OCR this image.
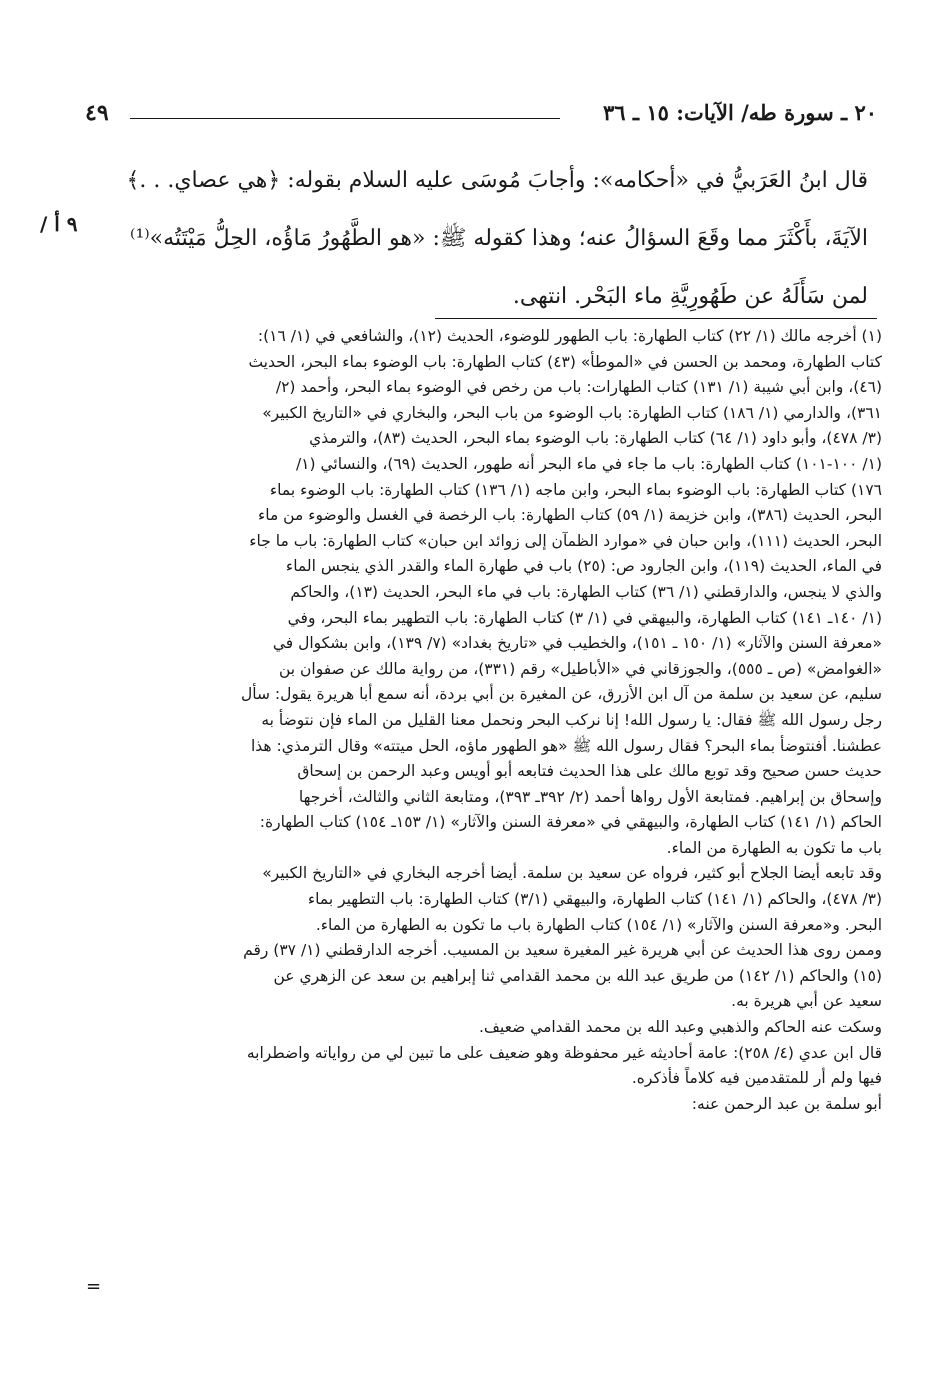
٤٩	٢٠ ـ سورة طه/ الآيات: ١٥ ـ ٣٦
٩ أ /

قال ابنُ العَرَبيُّ في «أحكامه»: وأجابَ مُوسَى عليه السلام بقوله: ﴿هي عصاي. . .﴾

الآيَةَ، بأَكْثَرَ مما وقَعَ السؤالُ عنه؛ وهذا كقوله ﷺ: «هو الطَّهُورُ مَاؤُه، الحِلُّ مَيْتَتُه»⁽¹⁾

لمن سَأَلَهُ عن طَهُورِيَّةِ ماء البَحْر. انتهى.

(١) أخرجه مالك (١/ ٢٢) كتاب الطهارة: باب الطهور للوضوء، الحديث (١٢)، والشافعي في (١/ ١٦):

كتاب الطهارة، ومحمد بن الحسن في «الموطأ» (٤٣) كتاب الطهارة: باب الوضوء بماء البحر، الحديث

(٤٦)، وابن أبي شيبة (١/ ١٣١) كتاب الطهارات: باب من رخص في الوضوء بماء البحر، وأحمد (٢/

٣٦١)، والدارمي (١/ ١٨٦) كتاب الطهارة: باب الوضوء من باب البحر، والبخاري في «التاريخ الكبير»

(٣/ ٤٧٨)، وأبو داود (١/ ٦٤) كتاب الطهارة: باب الوضوء بماء البحر، الحديث (٨٣)، والترمذي

(١/ ١٠٠-١٠١) كتاب الطهارة: باب ما جاء في ماء البحر أنه طهور، الحديث (٦٩)، والنسائي (١/

١٧٦) كتاب الطهارة: باب الوضوء بماء البحر، وابن ماجه (١/ ١٣٦) كتاب الطهارة: باب الوضوء بماء

البحر، الحديث (٣٨٦)، وابن خزيمة (١/ ٥٩) كتاب الطهارة: باب الرخصة في الغسل والوضوء من ماء

البحر، الحديث (١١١)، وابن حبان في «موارد الظمآن إلى زوائد ابن حبان» كتاب الطهارة: باب ما جاء

في الماء، الحديث (١١٩)، وابن الجارود ص: (٢٥) باب في طهارة الماء والقدر الذي ينجس الماء

والذي لا ينجس، والدارقطني (١/ ٣٦) كتاب الطهارة: باب في ماء البحر، الحديث (١٣)، والحاكم

(١/ ١٤٠ـ ١٤١) كتاب الطهارة، والبيهقي في (١/ ٣) كتاب الطهارة: باب التطهير بماء البحر، وفي

«معرفة السنن والآثار» (١/ ١٥٠ ـ ١٥١)، والخطيب في «تاريخ بغداد» (٧/ ١٣٩)، وابن بشكوال في

«الغوامض» (ص ـ ٥٥٥)، والجوزقاني في «الأباطيل» رقم (٣٣١)، من رواية مالك عن صفوان بن

سليم، عن سعيد بن سلمة من آل ابن الأزرق، عن المغيرة بن أبي بردة، أنه سمع أبا هريرة يقول: سأل

رجل رسول الله ﷺ فقال: يا رسول الله! إنا نركب البحر ونحمل معنا القليل من الماء فإن نتوضأ به

عطشنا. أفنتوضأ بماء البحر؟ فقال رسول الله ﷺ «هو الطهور ماؤه، الحل ميتته» وقال الترمذي: هذا

حديث حسن صحيح وقد توبع مالك على هذا الحديث فتابعه أبو أويس وعبد الرحمن بن إسحاق

وإسحاق بن إبراهيم. فمتابعة الأول رواها أحمد (٢/ ٣٩٢ـ ٣٩٣)، ومتابعة الثاني والثالث، أخرجها

الحاكم (١/ ١٤١) كتاب الطهارة، والبيهقي في «معرفة السنن والآثار» (١/ ١٥٣ـ ١٥٤) كتاب الطهارة:

باب ما تكون به الطهارة من الماء.

وقد تابعه أيضا الجلاح أبو كثير، فرواه عن سعيد بن سلمة. أيضا أخرجه البخاري في «التاريخ الكبير»

(٣/ ٤٧٨)، والحاكم (١/ ١٤١) كتاب الطهارة، والبيهقي (٣/١) كتاب الطهارة: باب التطهير بماء

البحر. و«معرفة السنن والآثار» (١/ ١٥٤) كتاب الطهارة باب ما تكون به الطهارة من الماء.

وممن روى هذا الحديث عن أبي هريرة غير المغيرة سعيد بن المسيب. أخرجه الدارقطني (١/ ٣٧) رقم

(١٥) والحاكم (١/ ١٤٢) من طريق عبد الله بن محمد القدامي ثنا إبراهيم بن سعد عن الزهري عن

سعيد عن أبي هريرة به.

وسكت عنه الحاكم والذهبي وعبد الله بن محمد القدامي ضعيف.

قال ابن عدي (٤/ ٢٥٨): عامة أحاديثه غير محفوظة وهو ضعيف على ما تبين لي من رواياته واضطرابه

فيها ولم أر للمتقدمين فيه كلاماً فأذكره.

أبو سلمة بن عبد الرحمن عنه:

=
